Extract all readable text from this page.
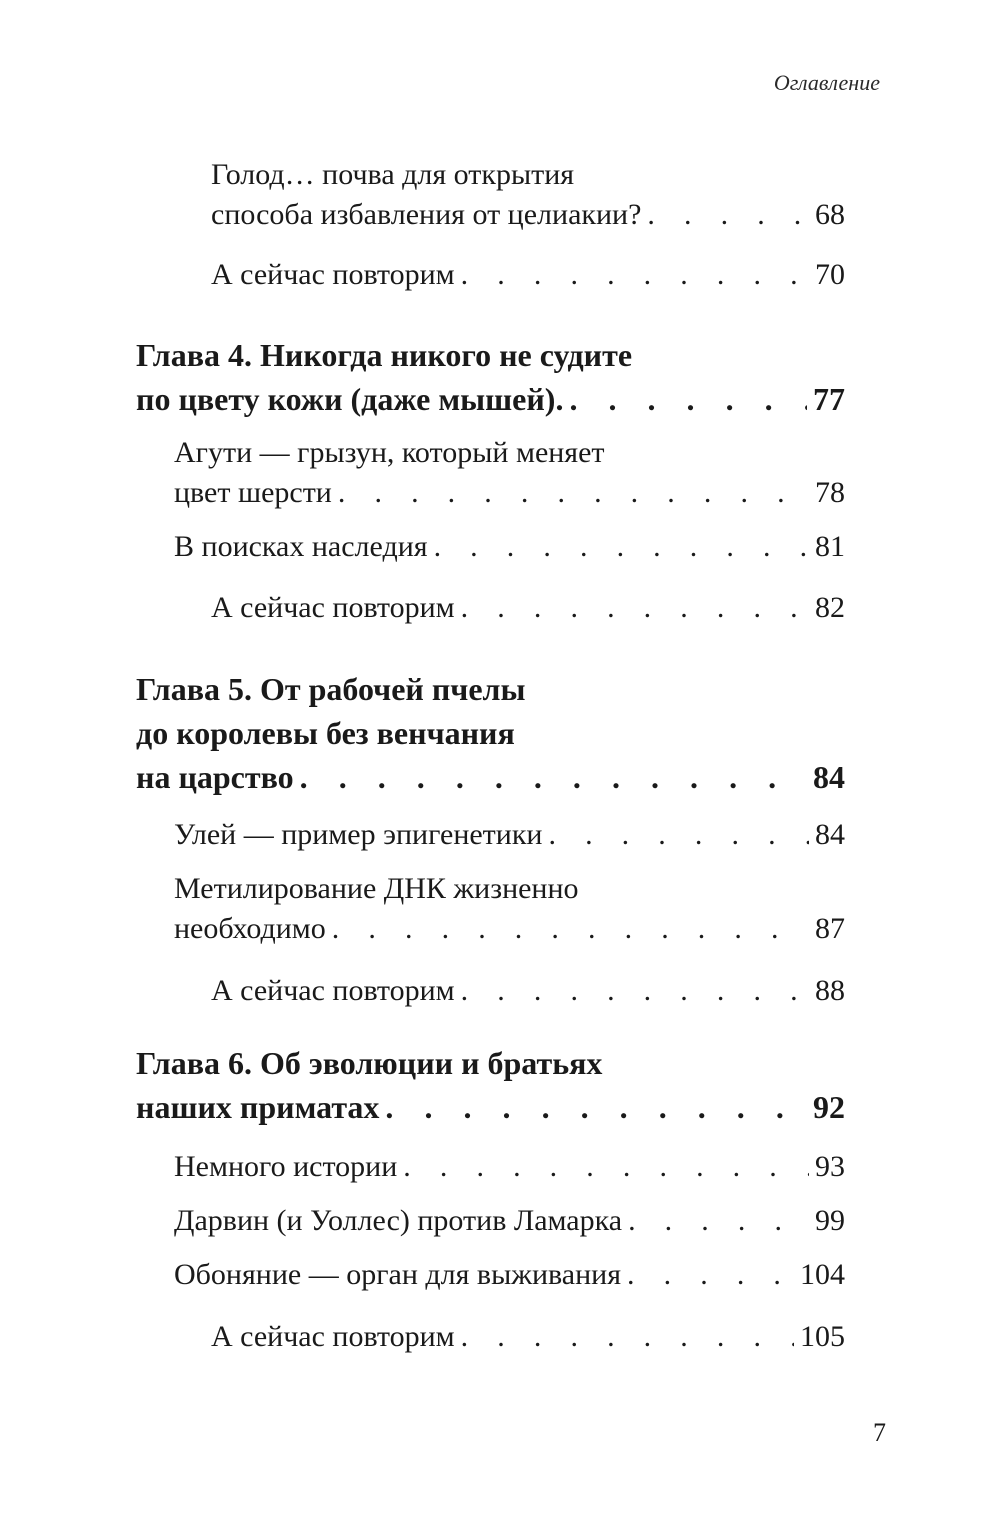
Оглавление
Голод… почва для открытия
способа избавления от целиакии? . . .	68
А сейчас повторим . . .	70
Глава 4. Никогда никого не судите
по цвету кожи (даже мышей). . . .	77
Агути — грызун, который меняет
цвет шерсти . . .	78
В поисках наследия . . .	81
А сейчас повторим . . .	82
Глава 5. От рабочей пчелы
до королевы без венчания
на царство . . .	84
Улей — пример эпигенетики . . .	84
Метилирование ДНК жизненно
необходимо . . .	87
А сейчас повторим . . .	88
Глава 6. Об эволюции и братьях
наших приматах . . .	92
Немного истории . . .	93
Дарвин (и Уоллес) против Ламарка . . .	99
Обоняние — орган для выживания . . .	104
А сейчас повторим . . .	105
7
